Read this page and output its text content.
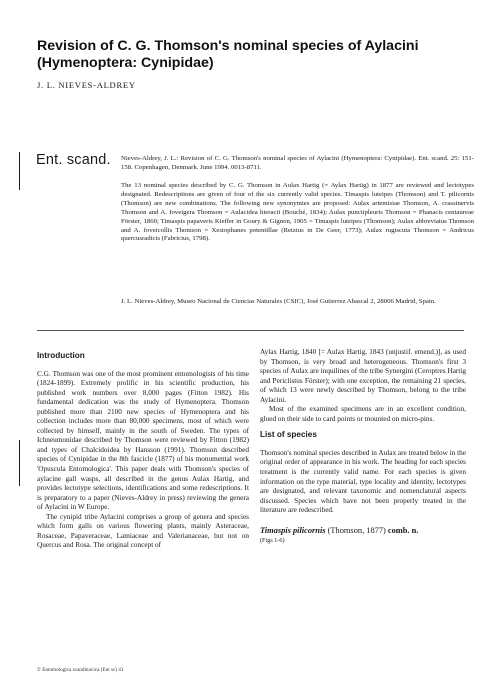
Revision of C. G. Thomson's nominal species of Aylacini
(Hymenoptera: Cynipidae)
J. L. NIEVES-ALDREY
Ent. scand. Nieves-Aldrey, J. L.: Revision of C. G. Thomson's nominal species of Aylacini (Hymenoptera: Cynipidae). Ent. scand. 25: 151-158. Copenhagen, Denmark. June 1994. 0013-8711.

The 13 nominal species described by C. G. Thomson in Aulax Hartig (= Aylax Hartig) in 1877 are reviewed and lectotypes designated. Redescriptions are given of four of the six currently valid species. Timaspis luteipes (Thomson) and T. pilicornis (Thomson) are new combinations. The following new synonymies are proposed: Aulax artemisiae Thomson, A. crassinervis Thomson and A. foveigera Thomson = Aulacidea hieracii (Bouché, 1834); Aulax punctipleuris Thomson = Phanacis centaureae Förster, 1860; Timaspis papaveris Kieffer in Goury & Gignon, 1905 = Timaspis luteipes (Thomson); Aulax abbreviatus Thomson and A. foveicollis Thomson = Xestophanes potentillae (Retzius in De Geer, 1773); Aulax rugiscuta Thomson = Andricus quercusradicis (Fabricius, 1798).

J. L. Nieves-Aldrey, Museo Nacional de Ciencias Naturales (CSIC), José Gutierrez Abascal 2, 28006 Madrid, Spain.

Introduction

C.G. Thomson was one of the most prominent entomologists of his time (1824-1899). Extremely prolific in his scientific production, his published work numbers over 8,000 pages (Fitton 1982). His fundamental dedication was the study of Hymenoptera. Thomson published more than 2100 new species of Hymenoptera and his collection includes more than 80,000 specimens, most of which were collected by himself, mainly in the south of Sweden. The types of Ichneumonidae described by Thomson were reviewed by Fitton (1982) and types of Chalcidoidea by Hansson (1991). Thomson described species of Cynipidae in the 8th fascicle (1877) of his monumental work 'Opuscula Entomologica'. This paper deals with Thomson's species of aylacine gall wasps, all described in the genus Aulax Hartig, and provides lectotype selections, identifications and some redescriptions. It is preparatory to a paper (Nieves-Aldrey in press) reviewing the genera of Aylacini in W Europe.

The cynipid tribe Aylacini comprises a group of genera and species which form galls on various flowering plants, mainly Asteraceae, Rosaceae, Papaveraceae, Lamiaceae and Valerianaceae, but not on Quercus and Rosa. The original concept of

Aylax Hartig, 1840 [= Aulax Hartig, 1843 (unjustif. emend.)], as used by Thomson, is very broad and heterogeneous. Thomson's first 3 species of Aulax are inquilines of the tribe Synergini (Ceroptres Hartig and Periclistus Förster); with one exception, the remaining 21 species, of which 13 were newly described by Thomson, belong to the tribe Aylacini.

Most of the examined specimens are in an excellent condition, glued on their side to card points or mounted on micro-pins.

List of species

Thomson's nominal species described in Aulax are treated below in the original order of appearance in his work. The heading for each species treatment is the currently valid name. For each species is given information on the type material, type locality and identity, lectotypes are designated, and relevant taxonomic and nomenclatural aspects discussed. Species which have not been properly treated in the literature are redescribed.

Timaspis pilicornis (Thomson, 1877) comb. n.
(Figs 1-6)
© Entomologica scandinavica (Ent sc) 41
